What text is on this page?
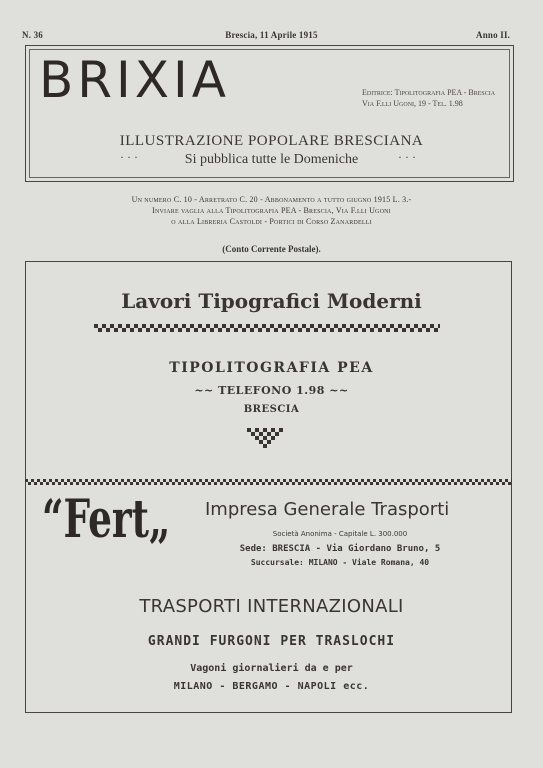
N. 36	Brescia, 11 Aprile 1915	Anno II.
BRIXIA	Editrice: Tipolitografia PEA - Brescia
Via F.lli Ugoni, 19 - Tel. 1.98
ILLUSTRAZIONE POPOLARE BRESCIANA
Si pubblica tutte le Domeniche
···	···
Un numero C. 10 - Arretrato C. 20 - Abbonamento a tutto giugno 1915 L. 3.-
Inviare vaglia alla Tipolitografia PEA - Brescia, Via F.lli Ugoni
o alla Libreria Castoldi - Portici di Corso Zanardelli
(Conto Corrente Postale).
Lavori Tipografici Moderni
TIPOLITOGRAFIA PEA
~~ TELEFONO 1.98 ~~
BRESCIA
“Fert„ Impresa Generale Trasporti
Società Anonima - Capitale L. 300.000
Sede: BRESCIA - Via Giordano Bruno, 5
Succursale: MILANO - Viale Romana, 40
TRASPORTI INTERNAZIONALI
GRANDI FURGONI PER TRASLOCHI
Vagoni giornalieri da e per
MILANO - BERGAMO - NAPOLI ecc.
